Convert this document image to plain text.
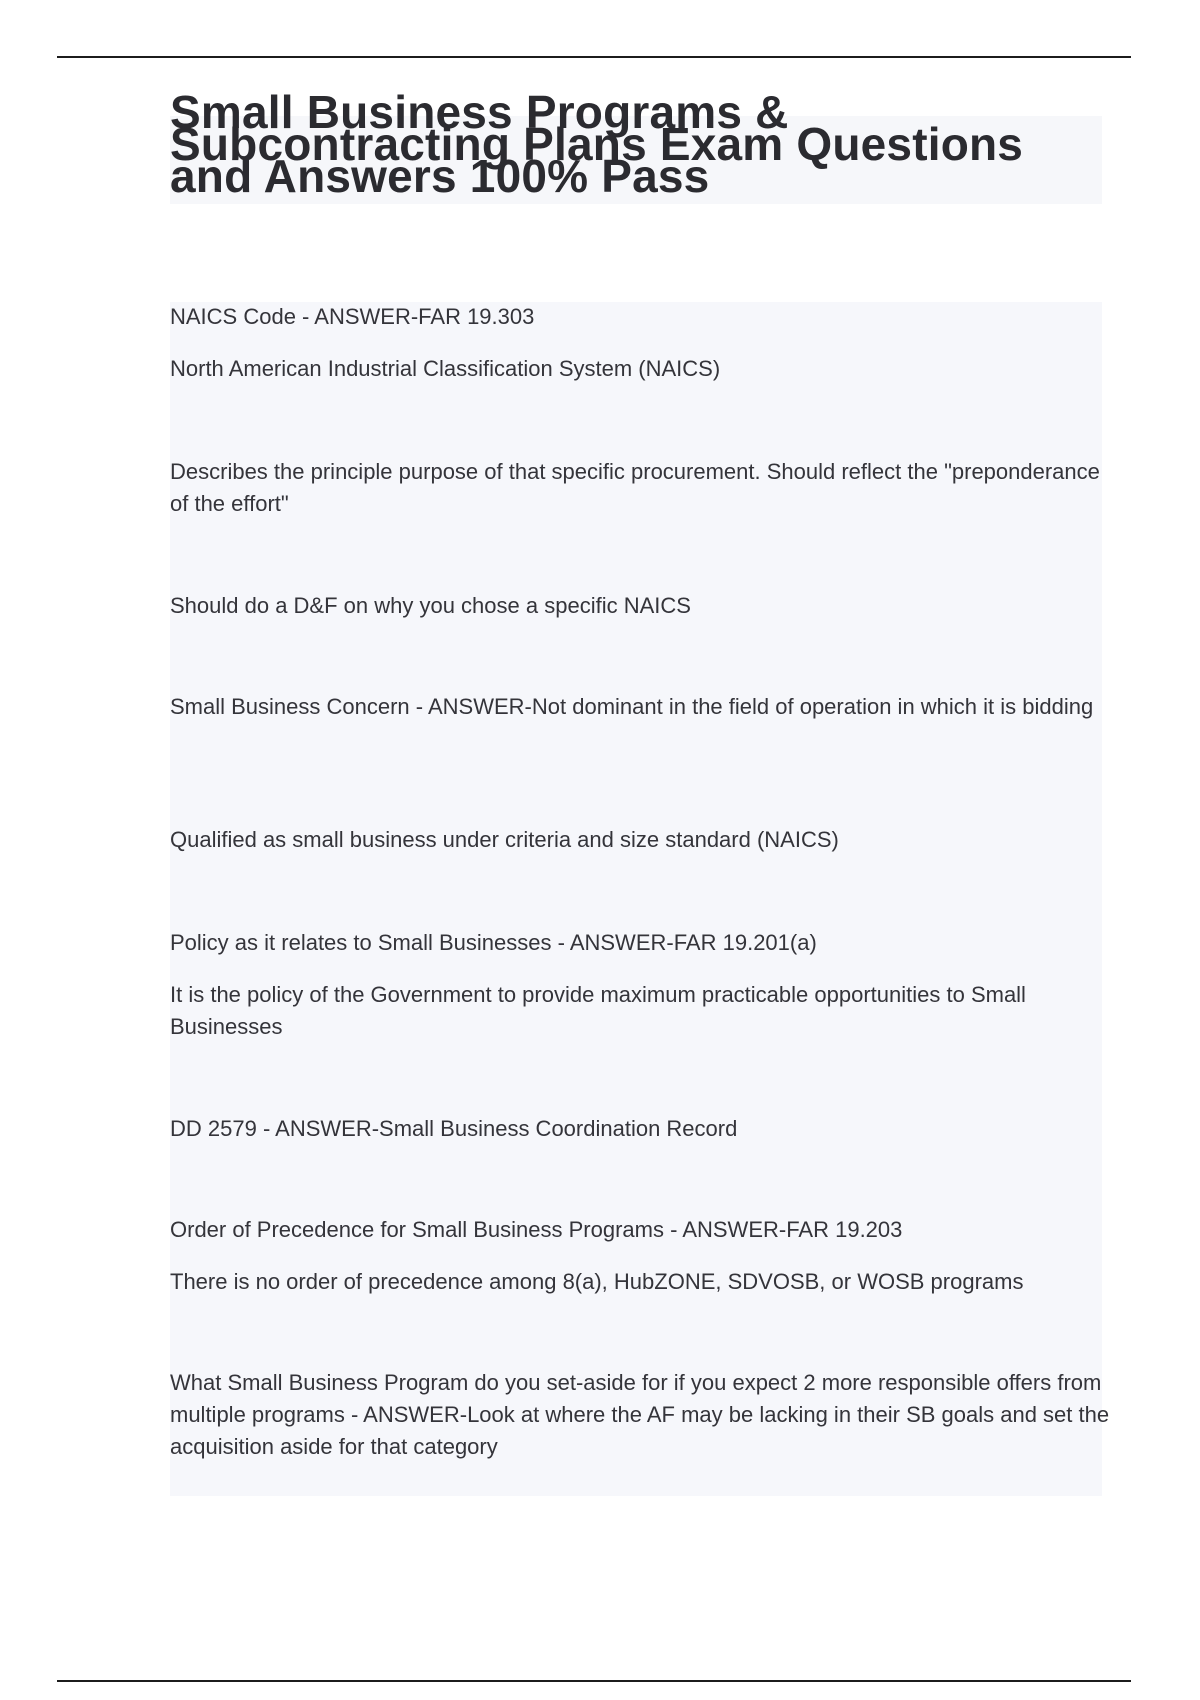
Small Business Programs & Subcontracting Plans Exam Questions and Answers 100% Pass

NAICS Code - ANSWER-FAR 19.303

North American Industrial Classification System (NAICS)

Describes the principle purpose of that specific procurement. Should reflect the "preponderance of the effort"

Should do a D&F on why you chose a specific NAICS

Small Business Concern - ANSWER-Not dominant in the field of operation in which it is bidding

Qualified as small business under criteria and size standard (NAICS)

Policy as it relates to Small Businesses - ANSWER-FAR 19.201(a)

It is the policy of the Government to provide maximum practicable opportunities to Small Businesses

DD 2579 - ANSWER-Small Business Coordination Record

Order of Precedence for Small Business Programs - ANSWER-FAR 19.203

There is no order of precedence among 8(a), HubZONE, SDVOSB, or WOSB programs

What Small Business Program do you set-aside for if you expect 2 more responsible offers from multiple programs - ANSWER-Look at where the AF may be lacking in their SB goals and set the acquisition aside for that category
